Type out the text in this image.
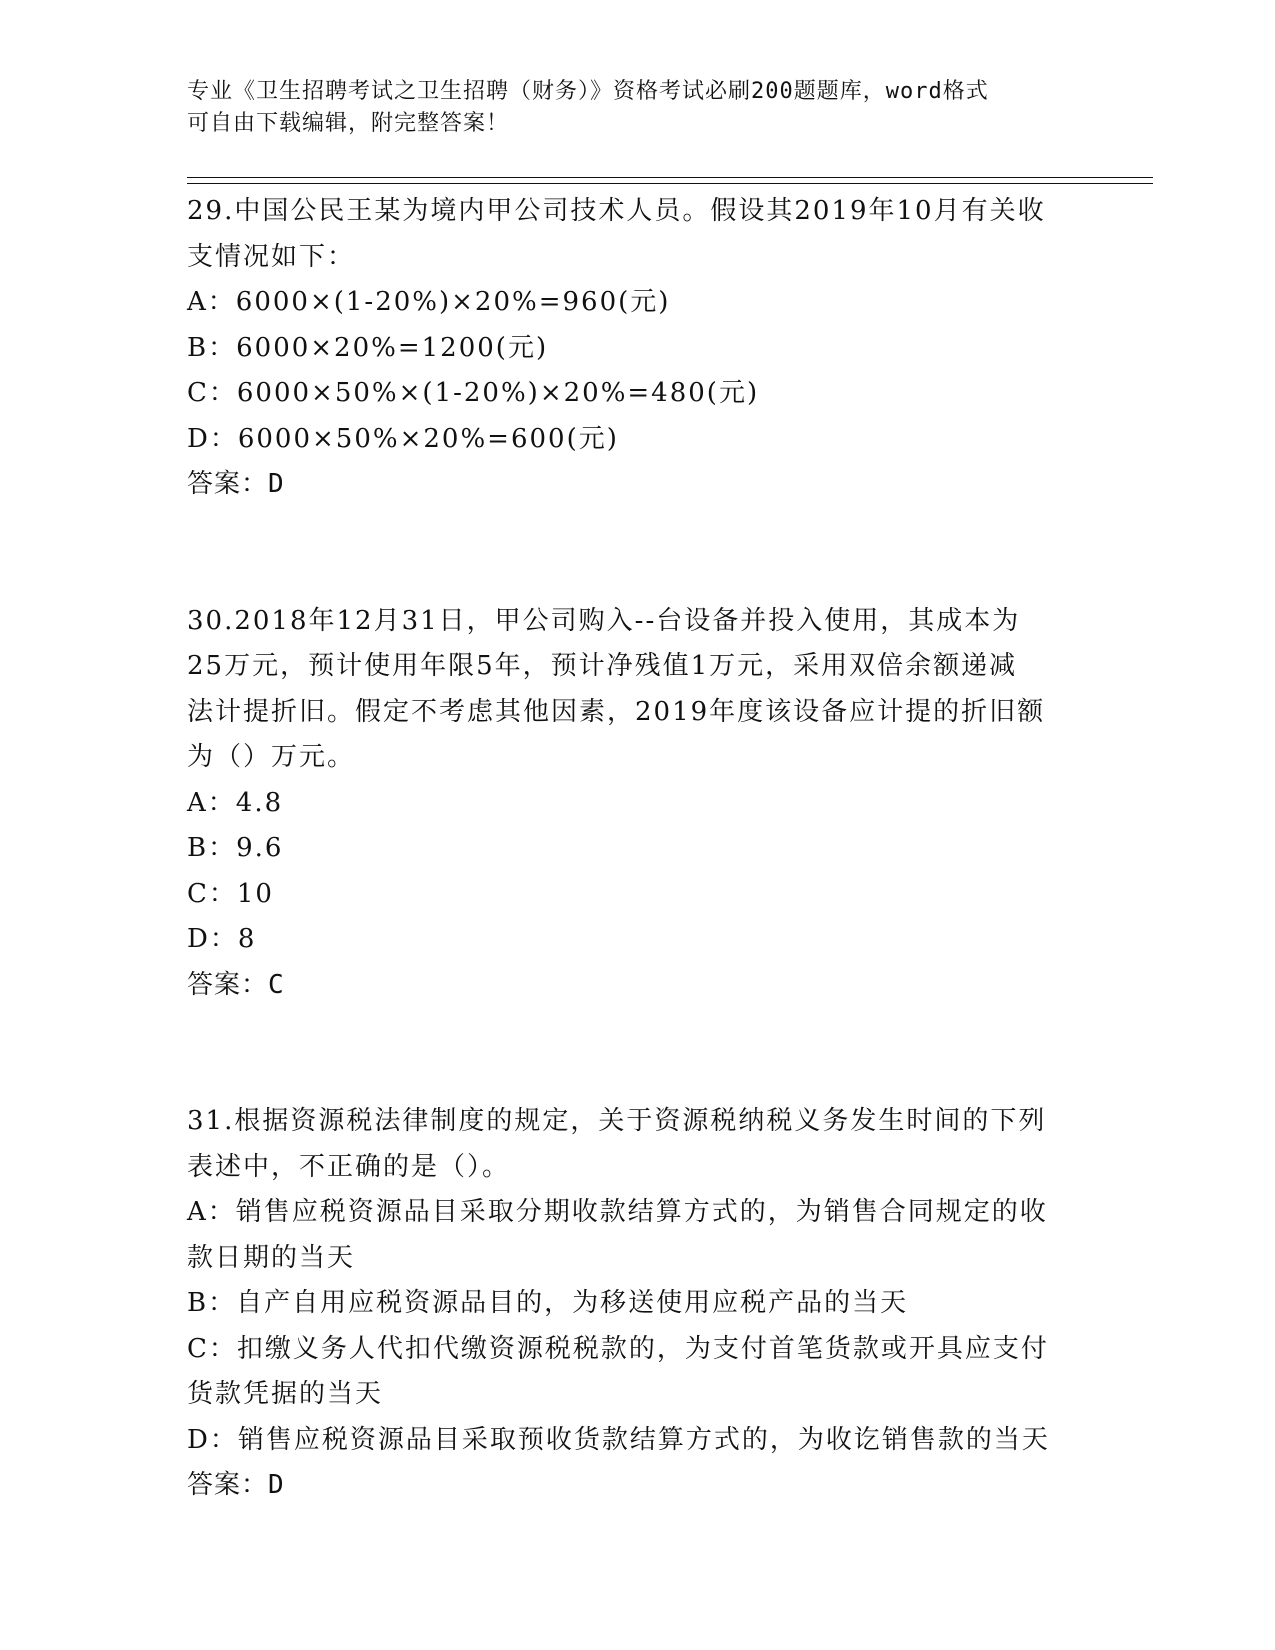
专业《卫生招聘考试之卫生招聘（财务）》资格考试必刷200题题库，word格式
可自由下载编辑，附完整答案！
29.中国公民王某为境内甲公司技术人员。假设其2019年10月有关收
支情况如下：
A：6000×(1-20%)×20%=960(元)
B：6000×20%=1200(元)
C：6000×50%×(1-20%)×20%=480(元)
D：6000×50%×20%=600(元)
答案：D
30.2018年12月31日，甲公司购入--台设备并投入使用，其成本为
25万元，预计使用年限5年，预计净残值1万元，采用双倍余额递减
法计提折旧。假定不考虑其他因素，2019年度该设备应计提的折旧额
为（）万元。
A：4.8
B：9.6
C：10
D：8
答案：C
31.根据资源税法律制度的规定，关于资源税纳税义务发生时间的下列
表述中，不正确的是（）。
A：销售应税资源品目采取分期收款结算方式的，为销售合同规定的收
款日期的当天
B：自产自用应税资源品目的，为移送使用应税产品的当天
C：扣缴义务人代扣代缴资源税税款的，为支付首笔货款或开具应支付
货款凭据的当天
D：销售应税资源品目采取预收货款结算方式的，为收讫销售款的当天
答案：D
